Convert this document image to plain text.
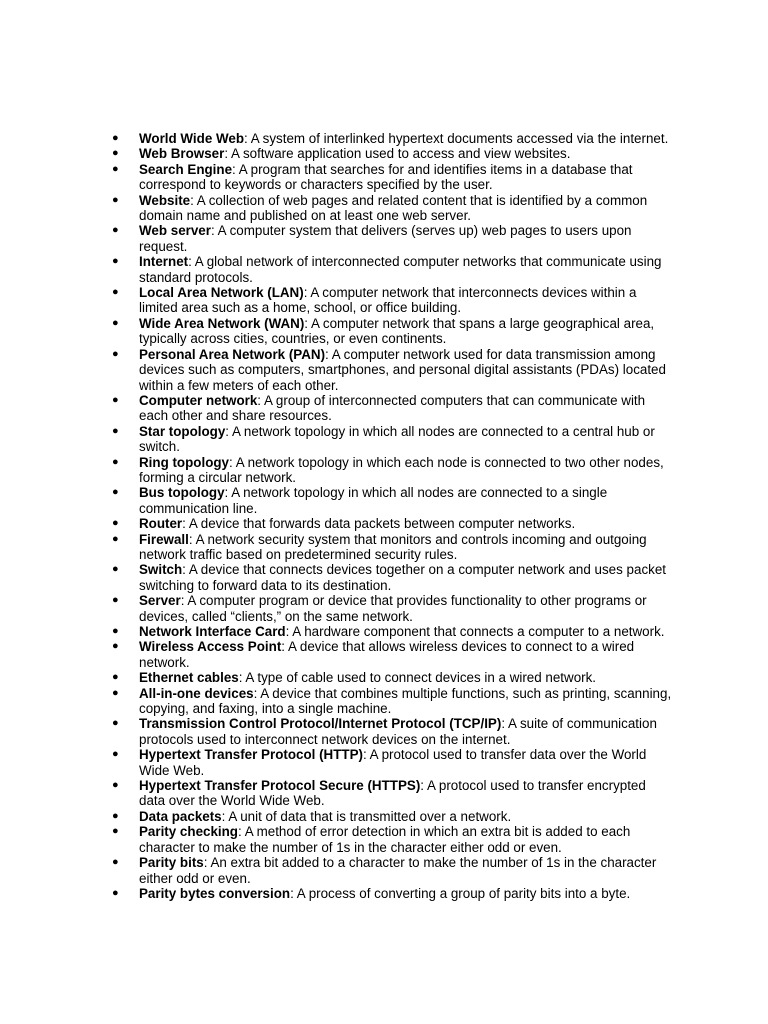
● World Wide Web: A system of interlinked hypertext documents accessed via the internet.
● Web Browser: A software application used to access and view websites.
● Search Engine: A program that searches for and identifies items in a database that correspond to keywords or characters specified by the user.
● Website: A collection of web pages and related content that is identified by a common domain name and published on at least one web server.
● Web server: A computer system that delivers (serves up) web pages to users upon request.
● Internet: A global network of interconnected computer networks that communicate using standard protocols.
● Local Area Network (LAN): A computer network that interconnects devices within a limited area such as a home, school, or office building.
● Wide Area Network (WAN): A computer network that spans a large geographical area, typically across cities, countries, or even continents.
● Personal Area Network (PAN): A computer network used for data transmission among devices such as computers, smartphones, and personal digital assistants (PDAs) located within a few meters of each other.
● Computer network: A group of interconnected computers that can communicate with each other and share resources.
● Star topology: A network topology in which all nodes are connected to a central hub or switch.
● Ring topology: A network topology in which each node is connected to two other nodes, forming a circular network.
● Bus topology: A network topology in which all nodes are connected to a single communication line.
● Router: A device that forwards data packets between computer networks.
● Firewall: A network security system that monitors and controls incoming and outgoing network traffic based on predetermined security rules.
● Switch: A device that connects devices together on a computer network and uses packet switching to forward data to its destination.
● Server: A computer program or device that provides functionality to other programs or devices, called “clients,” on the same network.
● Network Interface Card: A hardware component that connects a computer to a network.
● Wireless Access Point: A device that allows wireless devices to connect to a wired network.
● Ethernet cables: A type of cable used to connect devices in a wired network.
● All-in-one devices: A device that combines multiple functions, such as printing, scanning, copying, and faxing, into a single machine.
● Transmission Control Protocol/Internet Protocol (TCP/IP): A suite of communication protocols used to interconnect network devices on the internet.
● Hypertext Transfer Protocol (HTTP): A protocol used to transfer data over the World Wide Web.
● Hypertext Transfer Protocol Secure (HTTPS): A protocol used to transfer encrypted data over the World Wide Web.
● Data packets: A unit of data that is transmitted over a network.
● Parity checking: A method of error detection in which an extra bit is added to each character to make the number of 1s in the character either odd or even.
● Parity bits: An extra bit added to a character to make the number of 1s in the character either odd or even.
● Parity bytes conversion: A process of converting a group of parity bits into a byte.
